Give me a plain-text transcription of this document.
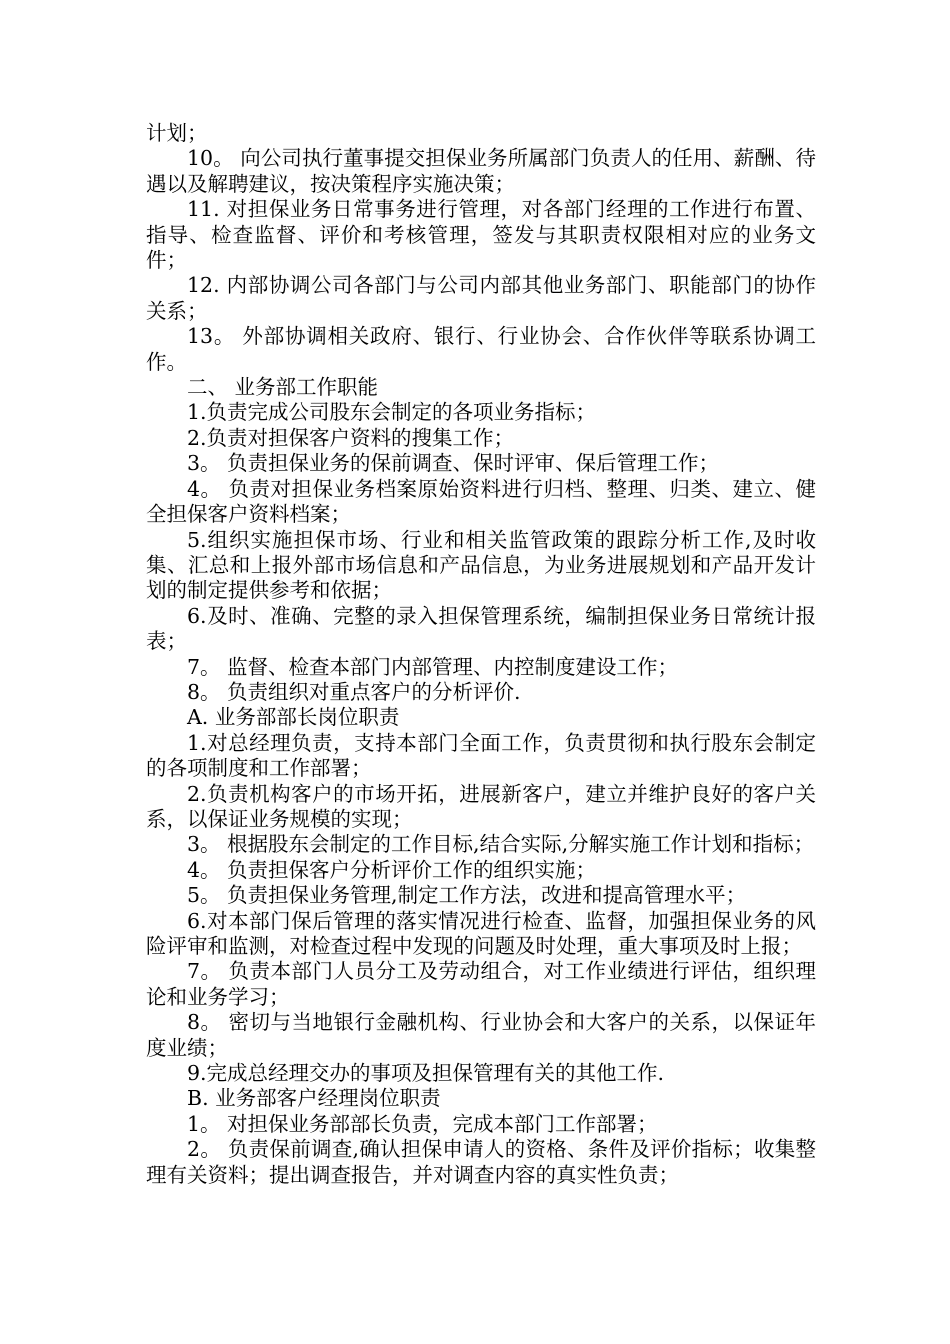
计划；

10。 向公司执行董事提交担保业务所属部门负责人的任用、薪酬、待遇以及解聘建议，按决策程序实施决策；

11. 对担保业务日常事务进行管理，对各部门经理的工作进行布置、指导、检查监督、评价和考核管理，签发与其职责权限相对应的业务文件；

12. 内部协调公司各部门与公司内部其他业务部门、职能部门的协作关系；

13。 外部协调相关政府、银行、行业协会、合作伙伴等联系协调工作。

二、 业务部工作职能

1.负责完成公司股东会制定的各项业务指标；

2.负责对担保客户资料的搜集工作；

3。 负责担保业务的保前调查、保时评审、保后管理工作；

4。 负责对担保业务档案原始资料进行归档、整理、归类、建立、健全担保客户资料档案；

5.组织实施担保市场、行业和相关监管政策的跟踪分析工作,及时收集、汇总和上报外部市场信息和产品信息，为业务进展规划和产品开发计划的制定提供参考和依据；

6.及时、准确、完整的录入担保管理系统，编制担保业务日常统计报表；

7。 监督、检查本部门内部管理、内控制度建设工作；

8。 负责组织对重点客户的分析评价.

A. 业务部部长岗位职责

1.对总经理负责，支持本部门全面工作，负责贯彻和执行股东会制定的各项制度和工作部署；

2.负责机构客户的市场开拓，进展新客户，建立并维护良好的客户关系，以保证业务规模的实现；

3。 根据股东会制定的工作目标,结合实际,分解实施工作计划和指标；

4。 负责担保客户分析评价工作的组织实施；

5。 负责担保业务管理,制定工作方法，改进和提高管理水平；

6.对本部门保后管理的落实情况进行检查、监督，加强担保业务的风险评审和监测，对检查过程中发现的问题及时处理，重大事项及时上报；

7。 负责本部门人员分工及劳动组合，对工作业绩进行评估，组织理论和业务学习；

8。 密切与当地银行金融机构、行业协会和大客户的关系，以保证年度业绩；

9.完成总经理交办的事项及担保管理有关的其他工作.

B. 业务部客户经理岗位职责

1。 对担保业务部部长负责，完成本部门工作部署；

2。 负责保前调查,确认担保申请人的资格、条件及评价指标；收集整理有关资料；提出调查报告，并对调查内容的真实性负责；
